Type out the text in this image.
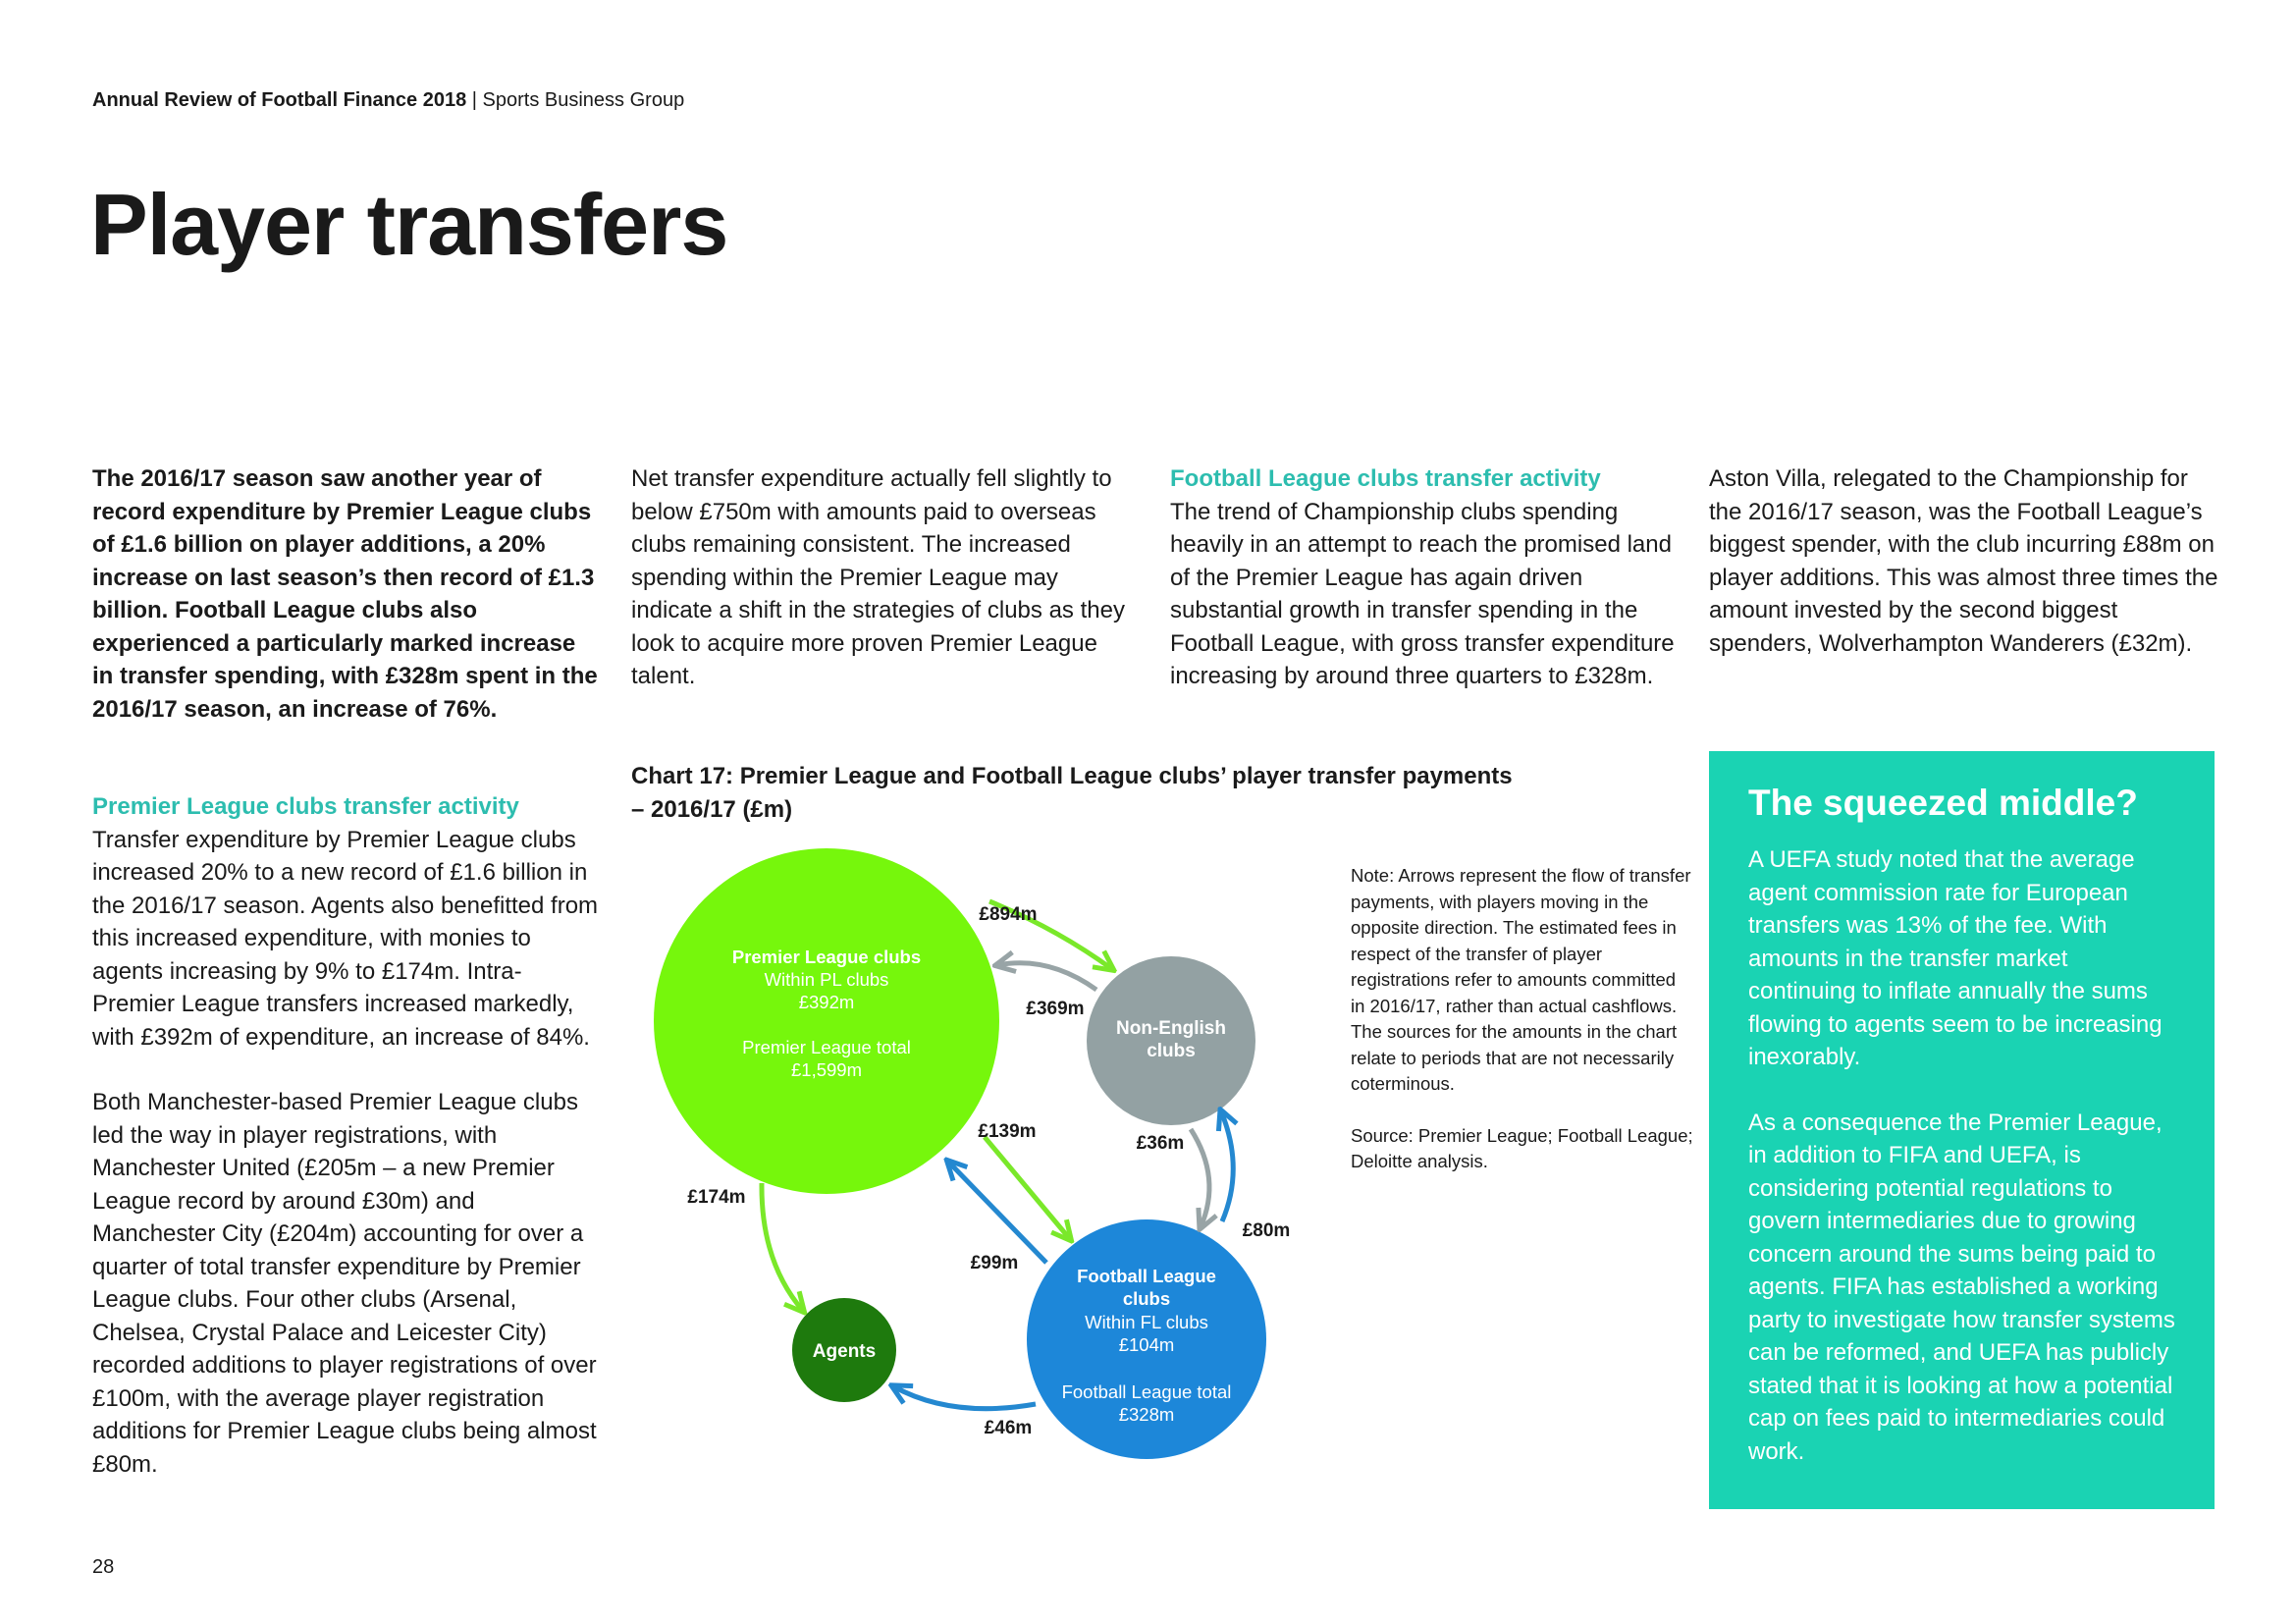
Annual Review of Football Finance 2018 | Sports Business Group
Player transfers

The 2016/17 season saw another year of record expenditure by Premier League clubs of £1.6 billion on player additions, a 20% increase on last season’s then record of £1.3 billion. Football League clubs also experienced a particularly marked increase in transfer spending, with £328m spent in the 2016/17 season, an increase of 76%.

Net transfer expenditure actually fell slightly to below £750m with amounts paid to overseas clubs remaining consistent. The increased spending within the Premier League may indicate a shift in the strategies of clubs as they look to acquire more proven Premier League talent.

Football League clubs transfer activity

The trend of Championship clubs spending heavily in an attempt to reach the promised land of the Premier League has again driven substantial growth in transfer spending in the Football League, with gross transfer expenditure increasing by around three quarters to £328m.

Aston Villa, relegated to the Championship for the 2016/17 season, was the Football League’s biggest spender, with the club incurring £88m on player additions. This was almost three times the amount invested by the second biggest spenders, Wolverhampton Wanderers (£32m).

Premier League clubs transfer activity

Transfer expenditure by Premier League clubs increased 20% to a new record of £1.6 billion in the 2016/17 season. Agents also benefitted from this increased expenditure, with monies to agents increasing by 9% to £174m. Intra-Premier League transfers increased markedly, with £392m of expenditure, an increase of 84%.

Both Manchester-based Premier League clubs led the way in player registrations, with Manchester United (£205m – a new Premier League record by around £30m) and Manchester City (£204m) accounting for over a quarter of total transfer expenditure by Premier League clubs. Four other clubs (Arsenal, Chelsea, Crystal Palace and Leicester City) recorded additions to player registrations of over £100m, with the average player registration additions for Premier League clubs being almost £80m.

Chart 17: Premier League and Football League clubs’ player transfer payments
– 2016/17 (£m)
Premier League clubs
Within PL clubs
£392m
Premier League total
£1,599m
Non-English
clubs
Football League
clubs
Within FL clubs
£104m
Football League total
£328m
Agents
£894m
£369m
£139m
£99m
£174m
£36m
£80m
£46m

Note: Arrows represent the flow of transfer payments, with players moving in the opposite direction. The estimated fees in respect of the transfer of player registrations refer to amounts committed in 2016/17, rather than actual cashflows. The sources for the amounts in the chart relate to periods that are not necessarily coterminous.

Source: Premier League; Football League; Deloitte analysis.

The squeezed middle?

A UEFA study noted that the average agent commission rate for European transfers was 13% of the fee. With amounts in the transfer market continuing to inflate annually the sums flowing to agents seem to be increasing inexorably.

As a consequence the Premier League, in addition to FIFA and UEFA, is considering potential regulations to govern intermediaries due to growing concern around the sums being paid to agents. FIFA has established a working party to investigate how transfer systems can be reformed, and UEFA has publicly stated that it is looking at how a potential cap on fees paid to intermediaries could work.

28
